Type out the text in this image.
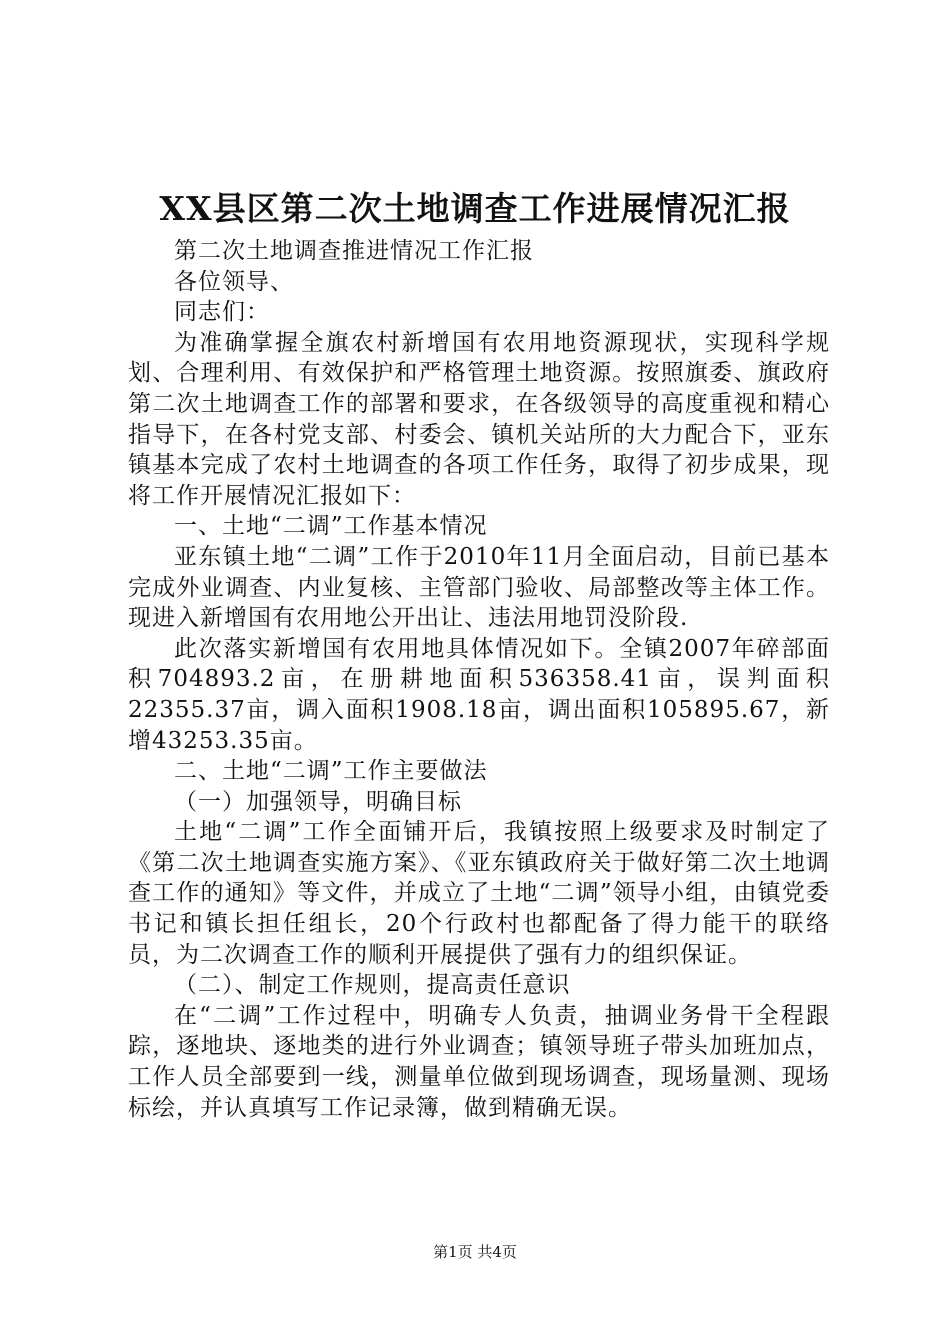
XX县区第二次土地调查工作进展情况汇报

第二次土地调查推进情况工作汇报

各位领导、

同志们：

为准确掌握全旗农村新增国有农用地资源现状，实现科学规划、合理利用、有效保护和严格管理土地资源。按照旗委、旗政府第二次土地调查工作的部署和要求，在各级领导的高度重视和精心指导下，在各村党支部、村委会、镇机关站所的大力配合下，亚东镇基本完成了农村土地调查的各项工作任务，取得了初步成果，现将工作开展情况汇报如下：

一、土地“二调”工作基本情况

亚东镇土地“二调”工作于2010年11月全面启动，目前已基本完成外业调查、内业复核、主管部门验收、局部整改等主体工作。现进入新增国有农用地公开出让、违法用地罚没阶段.

此次落实新增国有农用地具体情况如下。全镇2007年碎部面积704893.2亩，在册耕地面积536358.41亩，误判面积22355.37亩，调入面积1908.18亩，调出面积105895.67，新增43253.35亩。

二、土地“二调”工作主要做法

（一）加强领导，明确目标

土地“二调”工作全面铺开后，我镇按照上级要求及时制定了《第二次土地调查实施方案》、《亚东镇政府关于做好第二次土地调查工作的通知》等文件，并成立了土地“二调”领导小组，由镇党委书记和镇长担任组长，20个行政村也都配备了得力能干的联络员，为二次调查工作的顺利开展提供了强有力的组织保证。

（二）、制定工作规则，提高责任意识

在“二调”工作过程中，明确专人负责，抽调业务骨干全程跟踪，逐地块、逐地类的进行外业调查；镇领导班子带头加班加点，工作人员全部要到一线，测量单位做到现场调查，现场量测、现场标绘，并认真填写工作记录簿，做到精确无误。

第1页 共4页
